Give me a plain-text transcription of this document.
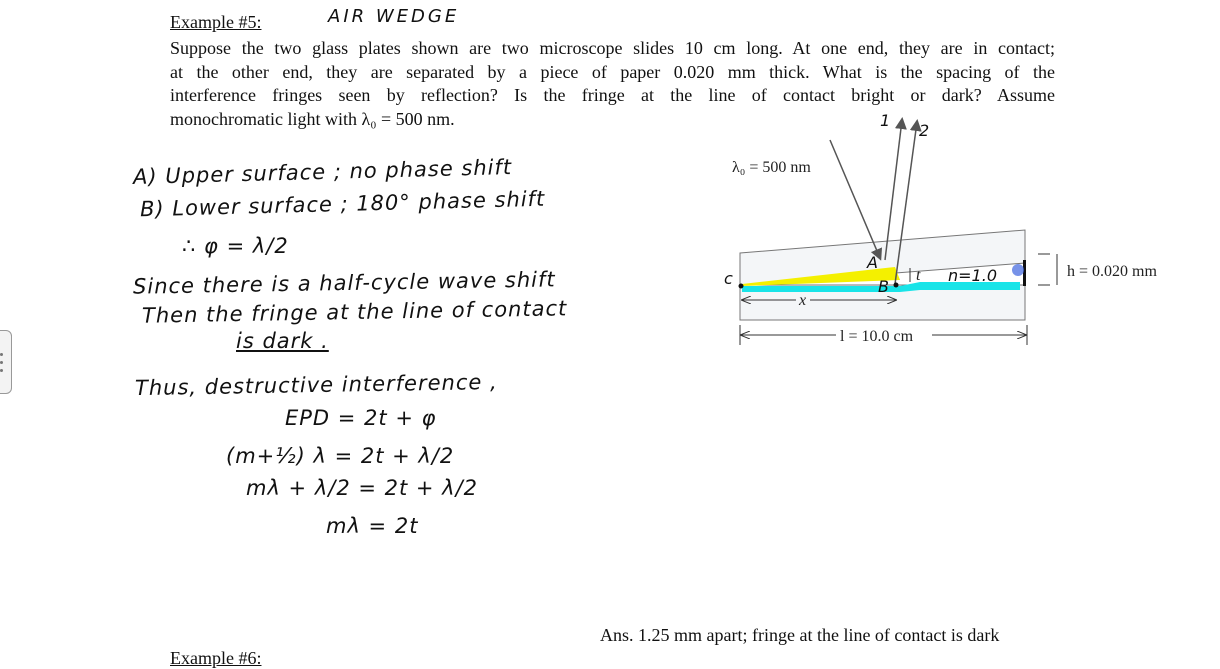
Example #5:	AIR WEDGE
Suppose the two glass plates shown are two microscope slides 10 cm long. At one end, they are in contact;
at the other end, they are separated by a piece of paper 0.020 mm thick. What is the spacing of the
interference fringes seen by reflection? Is the fringe at the line of contact bright or dark? Assume
monochromatic light with λ₀ = 500 nm.
A) Upper surface ; no phase shift
B) Lower surface ; 180° phase shift
∴ φ = λ/2
Since there is a half-cycle wave shift
Then the fringe at the line of contact
is dark .
Thus, destructive interference ,
EPD = 2t + φ
(m+½) λ = 2t + λ/2
mλ + λ/2 = 2t + λ/2
mλ = 2t
t
c
A
B
n=1.0
1
2
λ₀ = 500 nm
h = 0.020 mm
x
l = 10.0 cm
Ans. 1.25 mm apart; fringe at the line of contact is dark
Example #6:
